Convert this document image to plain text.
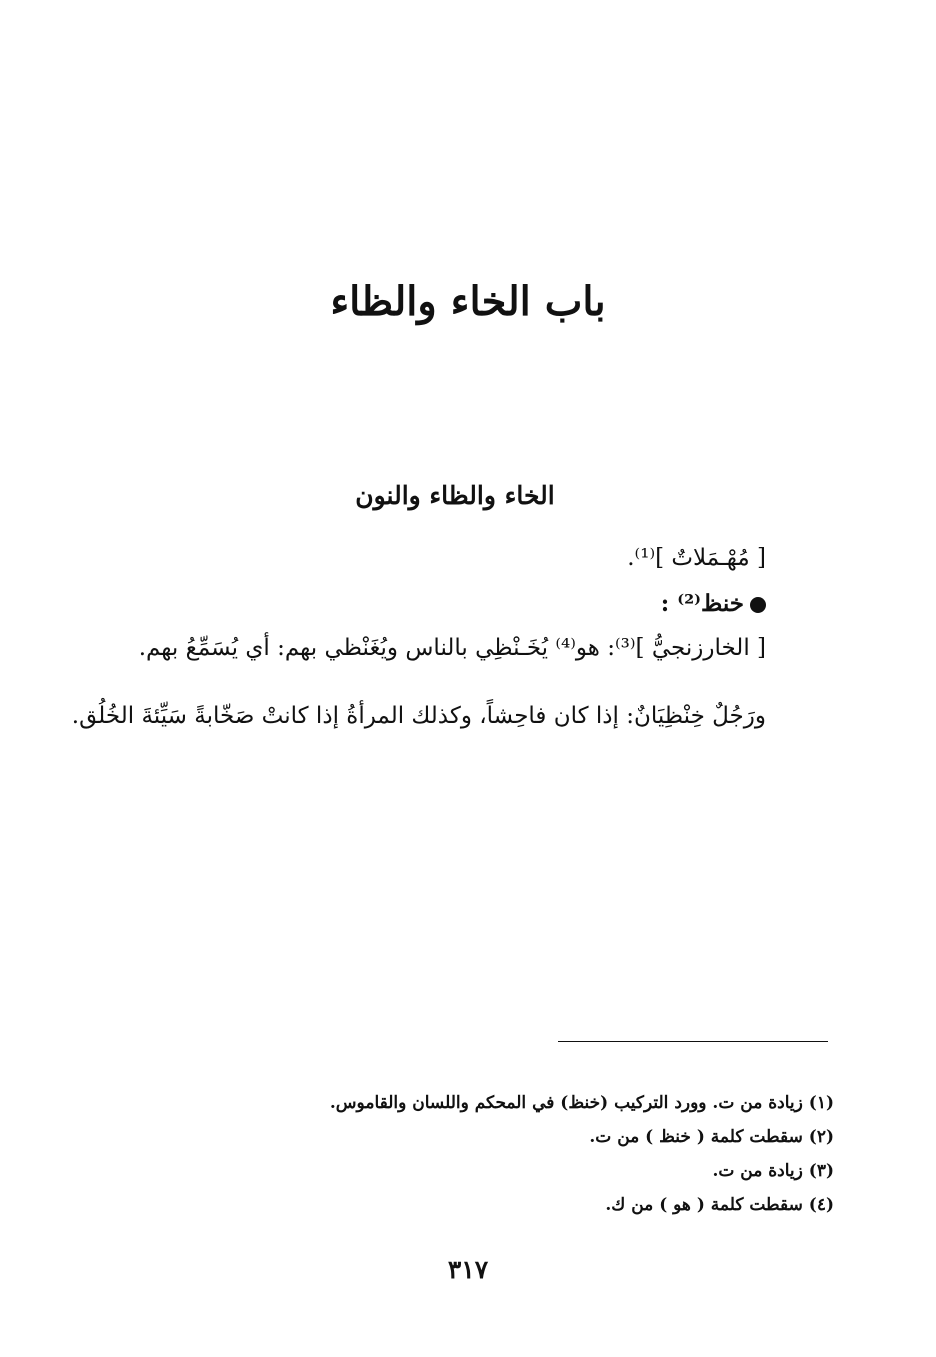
باب الخاء والظاء
الخاء والظاء والنون
[ مُهْـمَلاتٌ ]⁽¹⁾.
خنظ⁽²⁾ :
[ الخارزنجيُّ ]⁽³⁾: هو⁽⁴⁾ يُخَـنْظِي بالناس ويُغَنْظي بهم: أي يُسَمِّعُ بهم.
ورَجُلٌ خِنْظِيَانٌ: إذا كان فاحِشاً، وكذلك المرأةُ إذا كانتْ صَخّابةً سَيِّئةَ الخُلُق.
(١) زيادة من ت. وورد التركيب (خنظ) في المحكم واللسان والقاموس.
(٢) سقطت كلمة ( خنظ ) من ت.
(٣) زيادة من ت.
(٤) سقطت كلمة ( هو ) من ك.
٣١٧
